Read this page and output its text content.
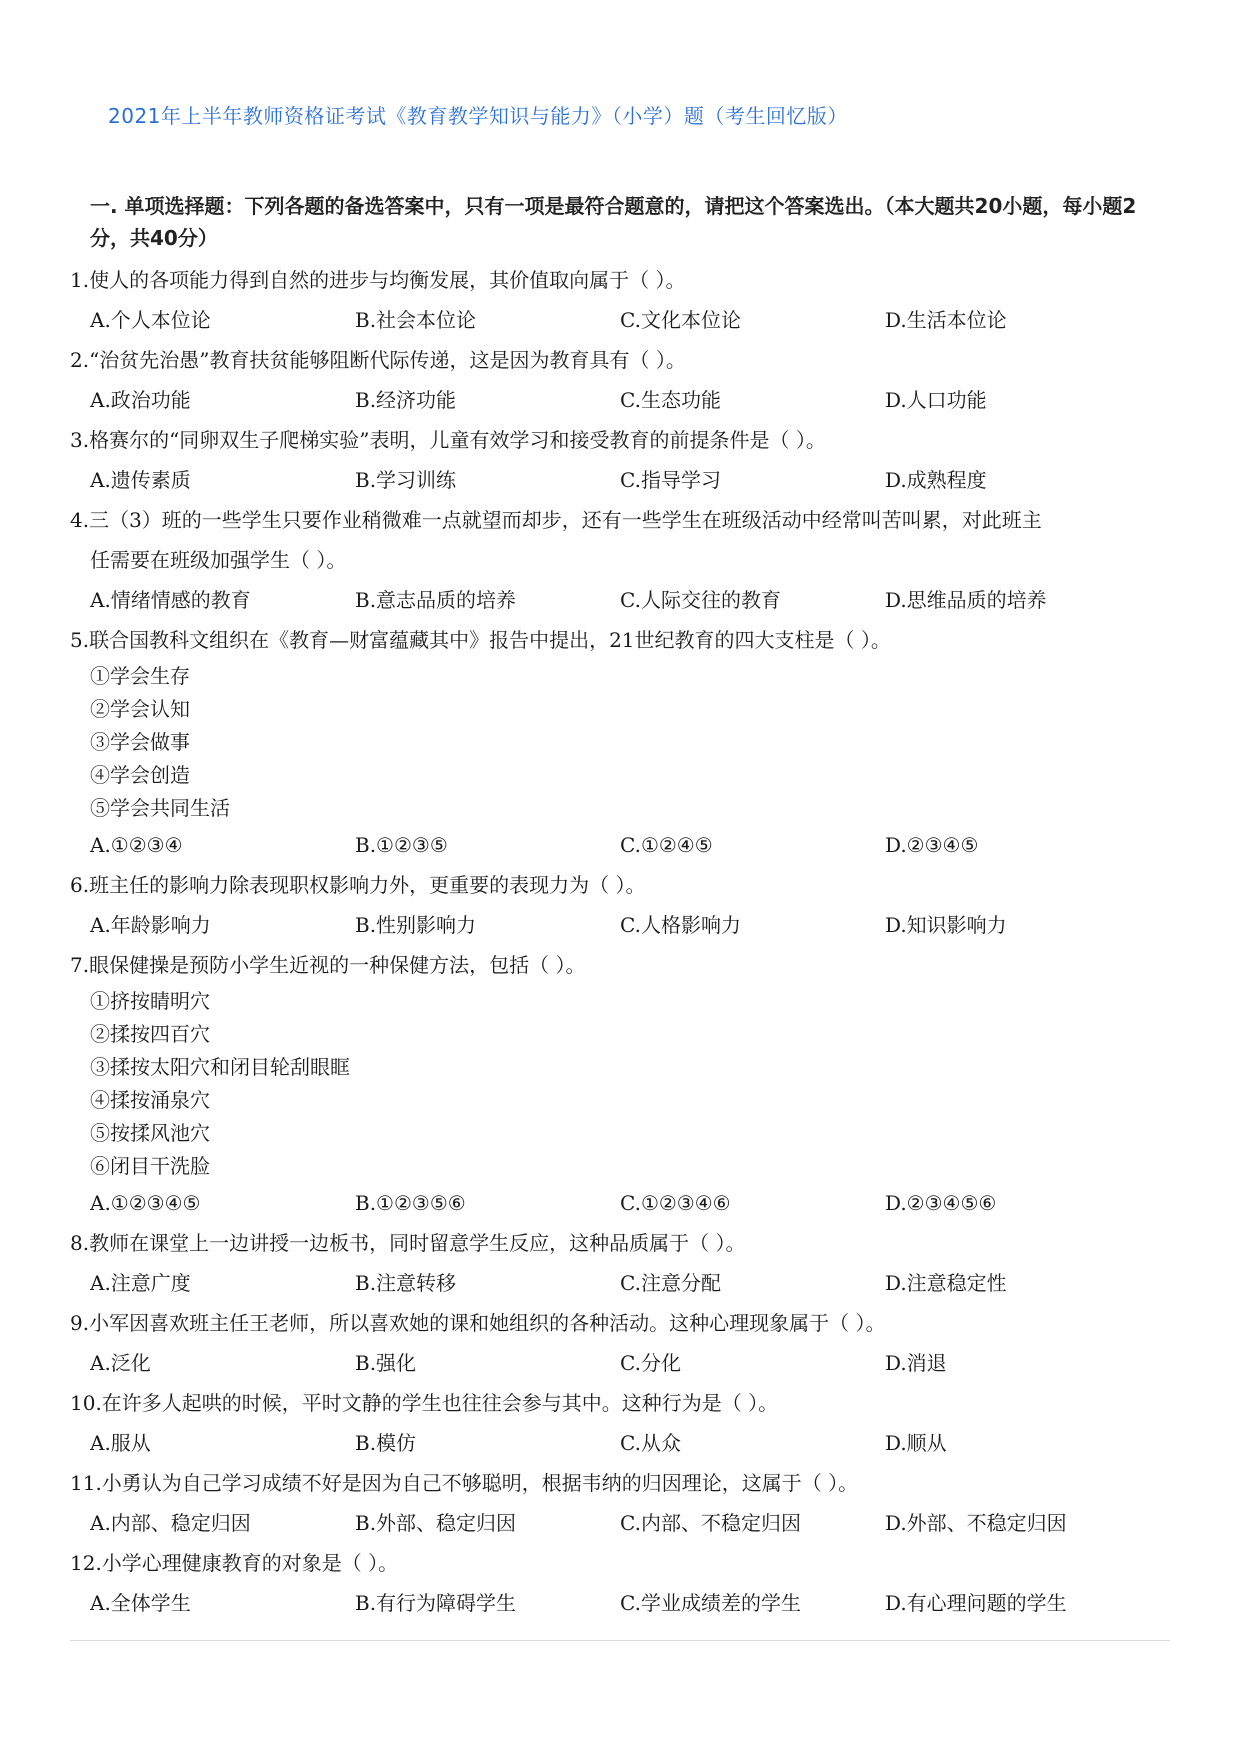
2021年上半年教师资格证考试《教育教学知识与能力》（小学）题（考生回忆版）
一. 单项选择题：下列各题的备选答案中，只有一项是最符合题意的，请把这个答案选出。（本大题共20小题，每小题2分，共40分）
1.使人的各项能力得到自然的进步与均衡发展，其价值取向属于（ ）。
A.个人本位论	B.社会本位论	C.文化本位论	D.生活本位论
2.“治贫先治愚”教育扶贫能够阻断代际传递，这是因为教育具有（ ）。
A.政治功能	B.经济功能	C.生态功能	D.人口功能
3.格赛尔的“同卵双生子爬梯实验”表明，儿童有效学习和接受教育的前提条件是（ ）。
A.遗传素质	B.学习训练	C.指导学习	D.成熟程度
4.三（3）班的一些学生只要作业稍微难一点就望而却步，还有一些学生在班级活动中经常叫苦叫累，对此班主
任需要在班级加强学生（ ）。
A.情绪情感的教育	B.意志品质的培养	C.人际交往的教育	D.思维品质的培养
5.联合国教科文组织在《教育—财富蕴藏其中》报告中提出，21世纪教育的四大支柱是（ ）。
①学会生存
②学会认知
③学会做事
④学会创造
⑤学会共同生活
A.①②③④	B.①②③⑤	C.①②④⑤	D.②③④⑤
6.班主任的影响力除表现职权影响力外，更重要的表现力为（ ）。
A.年龄影响力	B.性别影响力	C.人格影响力	D.知识影响力
7.眼保健操是预防小学生近视的一种保健方法，包括（ ）。
①挤按睛明穴
②揉按四百穴
③揉按太阳穴和闭目轮刮眼眶
④揉按涌泉穴
⑤按揉风池穴
⑥闭目干洗脸
A.①②③④⑤	B.①②③⑤⑥	C.①②③④⑥	D.②③④⑤⑥
8.教师在课堂上一边讲授一边板书，同时留意学生反应，这种品质属于（ ）。
A.注意广度	B.注意转移	C.注意分配	D.注意稳定性
9.小军因喜欢班主任王老师，所以喜欢她的课和她组织的各种活动。这种心理现象属于（ ）。
A.泛化	B.强化	C.分化	D.消退
10.在许多人起哄的时候，平时文静的学生也往往会参与其中。这种行为是（ ）。
A.服从	B.模仿	C.从众	D.顺从
11.小勇认为自己学习成绩不好是因为自己不够聪明，根据韦纳的归因理论，这属于（ ）。
A.内部、稳定归因	B.外部、稳定归因	C.内部、不稳定归因	D.外部、不稳定归因
12.小学心理健康教育的对象是（ ）。
A.全体学生	B.有行为障碍学生	C.学业成绩差的学生	D.有心理问题的学生
